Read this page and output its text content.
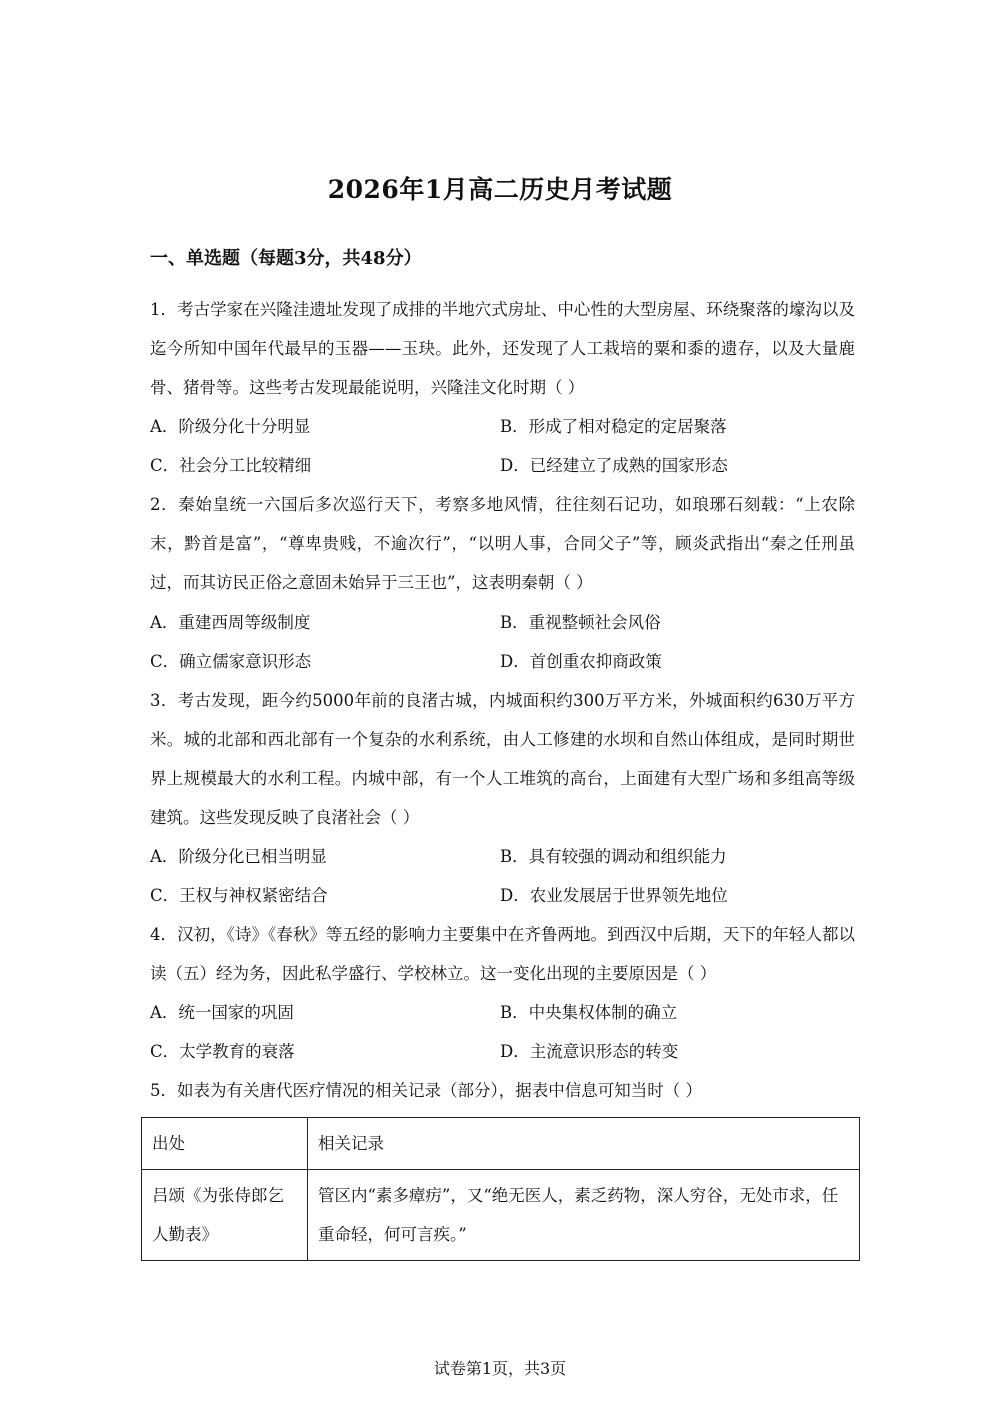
2026年1月高二历史月考试题
一、单选题（每题3分，共48分）
1．考古学家在兴隆洼遗址发现了成排的半地穴式房址、中心性的大型房屋、环绕聚落的壕沟以及迄今所知中国年代最早的玉器——玉玦。此外，还发现了人工栽培的粟和黍的遗存，以及大量鹿骨、猪骨等。这些考古发现最能说明，兴隆洼文化时期（ ）
A．阶级分化十分明显	B．形成了相对稳定的定居聚落
C．社会分工比较精细	D．已经建立了成熟的国家形态
2．秦始皇统一六国后多次巡行天下，考察多地风情，往往刻石记功，如琅琊石刻载：“上农除末，黔首是富”，“尊卑贵贱，不逾次行”，“以明人事，合同父子”等，顾炎武指出“秦之任刑虽过，而其访民正俗之意固未始异于三王也”，这表明秦朝（ ）
A．重建西周等级制度	B．重视整顿社会风俗
C．确立儒家意识形态	D．首创重农抑商政策
3．考古发现，距今约5000年前的良渚古城，内城面积约300万平方米，外城面积约630万平方米。城的北部和西北部有一个复杂的水利系统，由人工修建的水坝和自然山体组成，是同时期世界上规模最大的水利工程。内城中部，有一个人工堆筑的高台，上面建有大型广场和多组高等级建筑。这些发现反映了良渚社会（ ）
A．阶级分化已相当明显	B．具有较强的调动和组织能力
C．王权与神权紧密结合	D．农业发展居于世界领先地位
4．汉初，《诗》《春秋》等五经的影响力主要集中在齐鲁两地。到西汉中后期，天下的年轻人都以读（五）经为务，因此私学盛行、学校林立。这一变化出现的主要原因是（ ）
A．统一国家的巩固	B．中央集权体制的确立
C．太学教育的衰落	D．主流意识形态的转变
5．如表为有关唐代医疗情况的相关记录（部分），据表中信息可知当时（ ）
出处	相关记录
吕颂《为张侍郎乞人勤表》	管区内“素多瘴疠”，又“绝无医人，素乏药物，深人穷谷，无处市求，任重命轻，何可言疾。”
试卷第1页，共3页
